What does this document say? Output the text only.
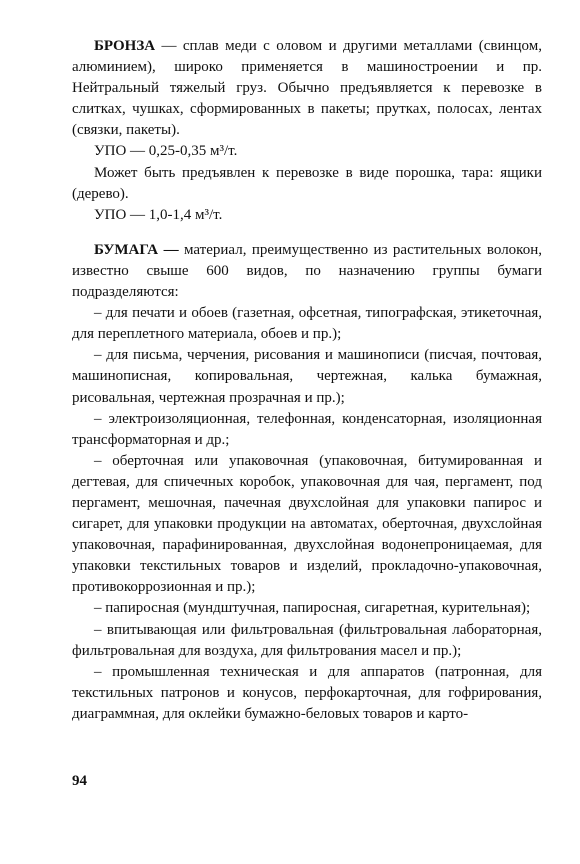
БРОНЗА — сплав меди с оловом и другими металлами (свинцом, алюминием), широко применяется в машиностроении и пр. Нейтральный тяжелый груз. Обычно предъявляется к перевозке в слитках, чушках, сформированных в пакеты; прутках, полосах, лентах (связки, пакеты).

УПО — 0,25-0,35 м³/т.

Может быть предъявлен к перевозке в виде порошка, тара: ящики (дерево).

УПО — 1,0-1,4 м³/т.

БУМАГА — материал, преимущественно из растительных волокон, известно свыше 600 видов, по назначению группы бумаги подразделяются:

– для печати и обоев (газетная, офсетная, типографская, этикеточная, для переплетного материала, обоев и пр.);

– для письма, черчения, рисования и машинописи (писчая, почтовая, машинописная, копировальная, чертежная, калька бумажная, рисовальная, чертежная прозрачная и пр.);

– электроизоляционная, телефонная, конденсаторная, изоляционная трансформаторная и др.;

– оберточная или упаковочная (упаковочная, битумированная и дегтевая, для спичечных коробок, упаковочная для чая, пергамент, под пергамент, мешочная, пачечная двухслойная для упаковки папирос и сигарет, для упаковки продукции на автоматах, оберточная, двухслойная упаковочная, парафинированная, двухслойная водонепроницаемая, для упаковки текстильных товаров и изделий, прокладочно-упаковочная, противокоррозионная и пр.);

– папиросная (мундштучная, папиросная, сигаретная, курительная);

– впитывающая или фильтровальная (фильтровальная лабораторная, фильтровальная для воздуха, для фильтрования масел и пр.);

– промышленная техническая и для аппаратов (патронная, для текстильных патронов и конусов, перфокарточная, для гофрирования, диаграммная, для оклейки бумажно-беловых товаров и карто-

94
